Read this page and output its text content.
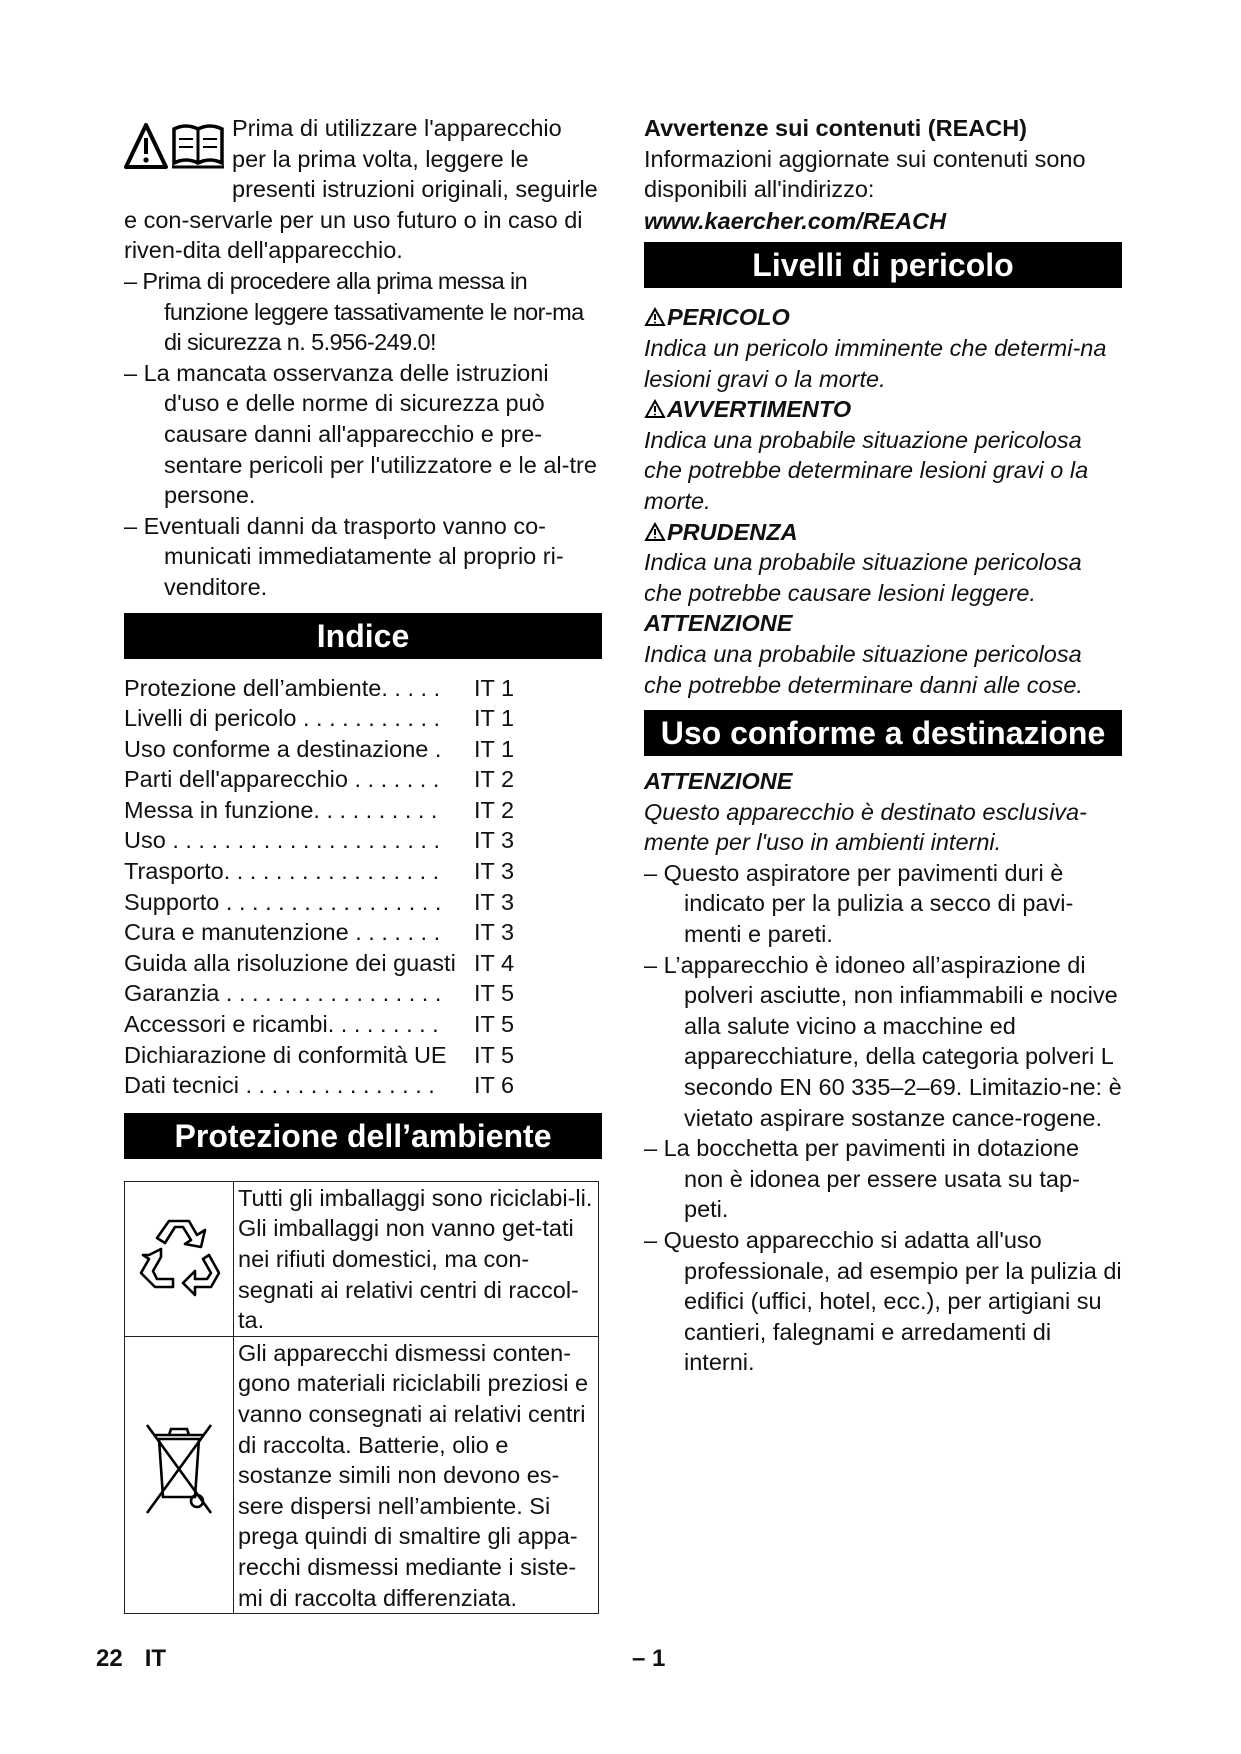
Prima di utilizzare l'apparecchio per la prima volta, leggere le presenti istruzioni originali, seguirle e con-servarle per un uso futuro o in caso di riven-dita dell'apparecchio.

– Prima di procedere alla prima messa in funzione leggere tassativamente le nor-ma di sicurezza n. 5.956-249.0!

– La mancata osservanza delle istruzioni d'uso e delle norme di sicurezza può causare danni all'apparecchio e pre-sentare pericoli per l'utilizzatore e le al-tre persone.

– Eventuali danni da trasporto vanno co-municati immediatamente al proprio ri-venditore.

Indice
Protezione dell’ambiente. . . . .	IT 1
Livelli di pericolo . . . . . . . . . . .	IT 1
Uso conforme a destinazione .	IT 1
Parti dell'apparecchio . . . . . . .	IT 2
Messa in funzione. . . . . . . . . .	IT 2
Uso . . . . . . . . . . . . . . . . . . . . .	IT 3
Trasporto. . . . . . . . . . . . . . . . .	IT 3
Supporto . . . . . . . . . . . . . . . . .	IT 3
Cura e manutenzione . . . . . . .	IT 3
Guida alla risoluzione dei guasti IT 4
Garanzia . . . . . . . . . . . . . . . . .	IT 5
Accessori e ricambi. . . . . . . . .	IT 5
Dichiarazione di conformità UE	IT 5
Dati tecnici . . . . . . . . . . . . . . .	IT 6
Protezione dell’ambiente
	Tutti gli imballaggi sono riciclabi-li. Gli imballaggi non vanno get-tati nei rifiuti domestici, ma con-segnati ai relativi centri di raccol-ta.
	Gli apparecchi dismessi conten-gono materiali riciclabili preziosi e vanno consegnati ai relativi centri di raccolta. Batterie, olio e sostanze simili non devono es-sere dispersi nell’ambiente. Si prega quindi di smaltire gli appa-recchi dismessi mediante i siste-mi di raccolta differenziata.

Avvertenze sui contenuti (REACH)

Informazioni aggiornate sui contenuti sono disponibili all'indirizzo:

www.kaercher.com/REACH

Livelli di pericolo

PERICOLO

Indica un pericolo imminente che determi-na lesioni gravi o la morte.

AVVERTIMENTO

Indica una probabile situazione pericolosa che potrebbe determinare lesioni gravi o la morte.

PRUDENZA

Indica una probabile situazione pericolosa che potrebbe causare lesioni leggere.

ATTENZIONE

Indica una probabile situazione pericolosa che potrebbe determinare danni alle cose.

Uso conforme a destinazione

ATTENZIONE

Questo apparecchio è destinato esclusiva-mente per l'uso in ambienti interni.

– Questo aspiratore per pavimenti duri è indicato per la pulizia a secco di pavi-menti e pareti.

– L’apparecchio è idoneo all’aspirazione di polveri asciutte, non infiammabili e nocive alla salute vicino a macchine ed apparecchiature, della categoria polveri L secondo EN 60 335–2–69. Limitazio-ne: è vietato aspirare sostanze cance-rogene.

– La bocchetta per pavimenti in dotazione non è idonea per essere usata su tap-peti.

– Questo apparecchio si adatta all'uso professionale, ad esempio per la pulizia di edifici (uffici, hotel, ecc.), per artigiani su cantieri, falegnami e arredamenti di interni.

22 IT	– 1
